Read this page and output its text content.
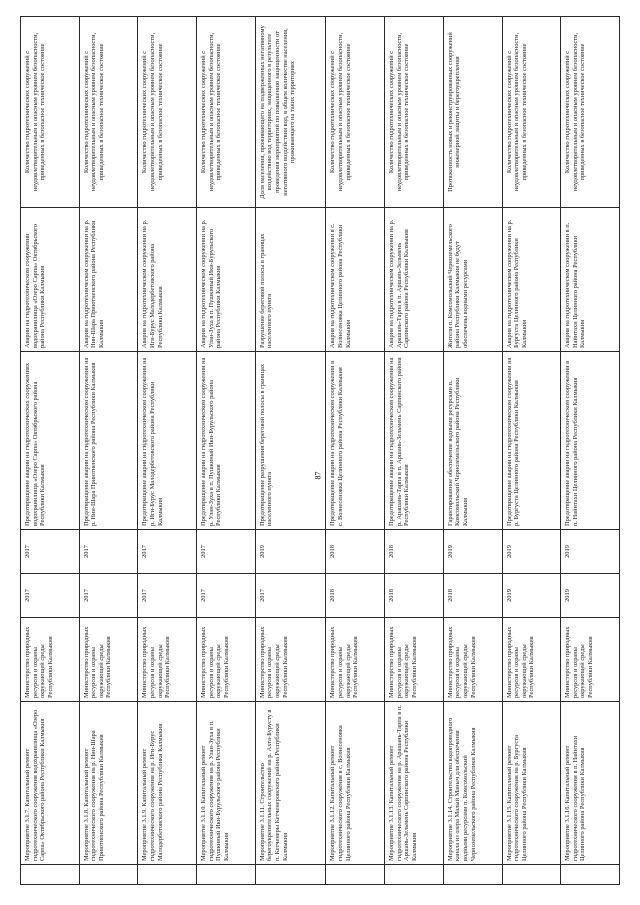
	Мероприятие 3.1.7. Капитальный ремонт гидротехнического сооружения водохранилища «Озеро Сарпа» Октябрьского района Республики Калмыкия	Министерство природных ресурсов и охраны окружающей среды Республики Калмыкия	2017	2017	Предотвращение аварии на гидротехнических сооружениях водохранилища «Озеро Сарпа» Октябрьского района Республики Калмыкия	Аварии на гидротехническом сооружении водохранилища «Озеро Сарпа» Октябрьского района Республики Калмыкия	Количество гидротехнических сооружений с неудовлетворительным и опасным уровнем безопасности, приведенных в безопасное техническое состояние
	Мероприятие 3.1.8. Капитальный ремонт гидротехнического сооружения на р. Нин-Шара Приютненского района Республики Калмыкия	Министерство природных ресурсов и охраны окружающей среды Республики Калмыкия	2017	2017	Предотвращение аварии на гидротехническом сооружении на р. Нин-Шара Приютненского района Республики Калмыкия	Авария на гидротехническом сооружении на р. Нин-Шара Приютненского района Республики Калмыкия	Количество гидротехнических сооружений с неудовлетворительным и опасным уровнем безопасности, приведенных в безопасное техническое состояние
	Мероприятие 3.1.9. Капитальный ремонт гидротехнического сооружения на р. Иги-Бурус Малодербетовского района Республики Калмыкия	Министерство природных ресурсов и охраны окружающей среды Республики Калмыкия	2017	2017	Предотвращение аварии на гидротехническом сооружении на р. Иги-Бурус Малодербетовского района Республики Калмыкия	Авария на гидротехническом сооружении на р. Иги-Бурус Малодербетовского района Республики Калмыкия	Количество гидротехнических сооружений с неудовлетворительным и опасным уровнем безопасности, приведенных в безопасное техническое состояние
	Мероприятие 3.1.10. Капитальный ремонт гидротехнического сооружения на р. Улан-Зуха в п. Пушкиный Ики-Бурульского района Республики Калмыкия	Министерство природных ресурсов и охраны окружающей среды Республики Калмыкия	2017	2017	Предотвращение аварии на гидротехническом сооружении на р. Улан-Зуха в п. Пушкиный Ики-Бурульского района Республики Калмыкия	Авария на гидротехническом сооружении на р. Улан-Зуха в п. Пушкиный Ики-Бурульского района Республики Калмыкия	Количество гидротехнических сооружений с неудовлетворительным и опасным уровнем безопасности, приведенных в безопасное техническое состояние
	Мероприятие 3.1.11. Строительство берегоукрепительных сооружений на р. Ахта-Бурусту в п. Кетченеры Кетченеровского района Республики Калмыкия	Министерство природных ресурсов и охраны окружающей среды Республики Калмыкия	2017	2019	Предотвращение разрушения береговой полосы в границах населенного пункта	Разрушение береговой полосы в границах населенного пункта	Доля населения, проживающего на подверженных негативному воздействию вод территориях, защищенного в результате проведения мероприятий по повышению защищенности от негативного воздействия вод, в общем количестве населения, проживающего на таких территориях
	Мероприятие 3.1.12. Капитальный ремонт гидротехнического сооружения в с. Вознесеновка Целинного района Республики Калмыкия	Министерство природных ресурсов и охраны окружающей среды Республики Калмыкия	2018	2018	Предотвращение аварии на гидротехническом сооружении в с. Вознесеновка Целинного района Республики Калмыкия	Авария на гидротехническом сооружении в с. Вознесеновка Целинного района Республики Калмыкия	Количество гидротехнических сооружений с неудовлетворительным и опасным уровнем безопасности, приведенных в безопасное техническое состояние
	Мероприятие 3.1.13. Капитальный ремонт гидротехнического сооружения на р. Арашань-Тарпа в п. Аршань-Зельмень Сарпинского района Республики Калмыкия	Министерство природных ресурсов и охраны окружающей среды Республики Калмыкия	2018	2018	Предотвращение аварии на гидротехническом сооружении на р. Арашань-Тарпа в п. Аршань-Зельмень Сарпинского района Республики Калмыкия	Авария на гидротехническом сооружении на р. Арашань-Тарпа в п. Аршань-Зельмень Сарпинского района Республики Калмыкия	Количество гидротехнических сооружений с неудовлетворительным и опасным уровнем безопасности, приведенных в безопасное техническое состояние
	Мероприятие 3.1.14. Строительство водопроводного канала из озера Малый Маныч для обеспечения водными ресурсами п. Комсомольский Черноземельского района Республики Калмыкия	Министерство природных ресурсов и охраны окружающей среды Республики Калмыкия	2018	2019	Гарантированное обеспечение водными ресурсами п. Комсомольский Черноземельского района Республики Калмыкия	Жители п. Комсомольский Черноземельского района Республики Калмыкия не будут обеспечены водными ресурсами	Протяженность новых и реконструированных сооружений инженерной защиты и берегоукрепления
	Мероприятие 3.1.15. Капитальный ремонт гидротехнического сооружения на р. Бургуста Целинного района Республики Калмыкия	Министерство природных ресурсов и охраны окружающей среды Республики Калмыкия	2019	2019	Предотвращение аварии на гидротехническом сооружении на р. Бургуста Целинного района Республики Калмыкия	Авария на гидротехническом сооружении на р. Бургуста Целинного района Республики Калмыкия	Количество гидротехнических сооружений с неудовлетворительным и опасным уровнем безопасности, приведенных в безопасное техническое состояние
	Мероприятие 3.1.16. Капитальный ремонт гидротехнического сооружения в п. Найнтахи Целинного района Республики Калмыкия	Министерство природных ресурсов и охраны окружающей среды Республики Калмыкия	2019	2019	Предотвращение аварии на гидротехническом сооружении в п. Найнтахи Целинного района Республики Калмыкия	Авария на гидротехническом сооружении в п. Найнтахи Целинного района Республики Калмыкия	Количество гидротехнических сооружений с неудовлетворительным и опасным уровнем безопасности, приведенных в безопасное техническое состояние
87
